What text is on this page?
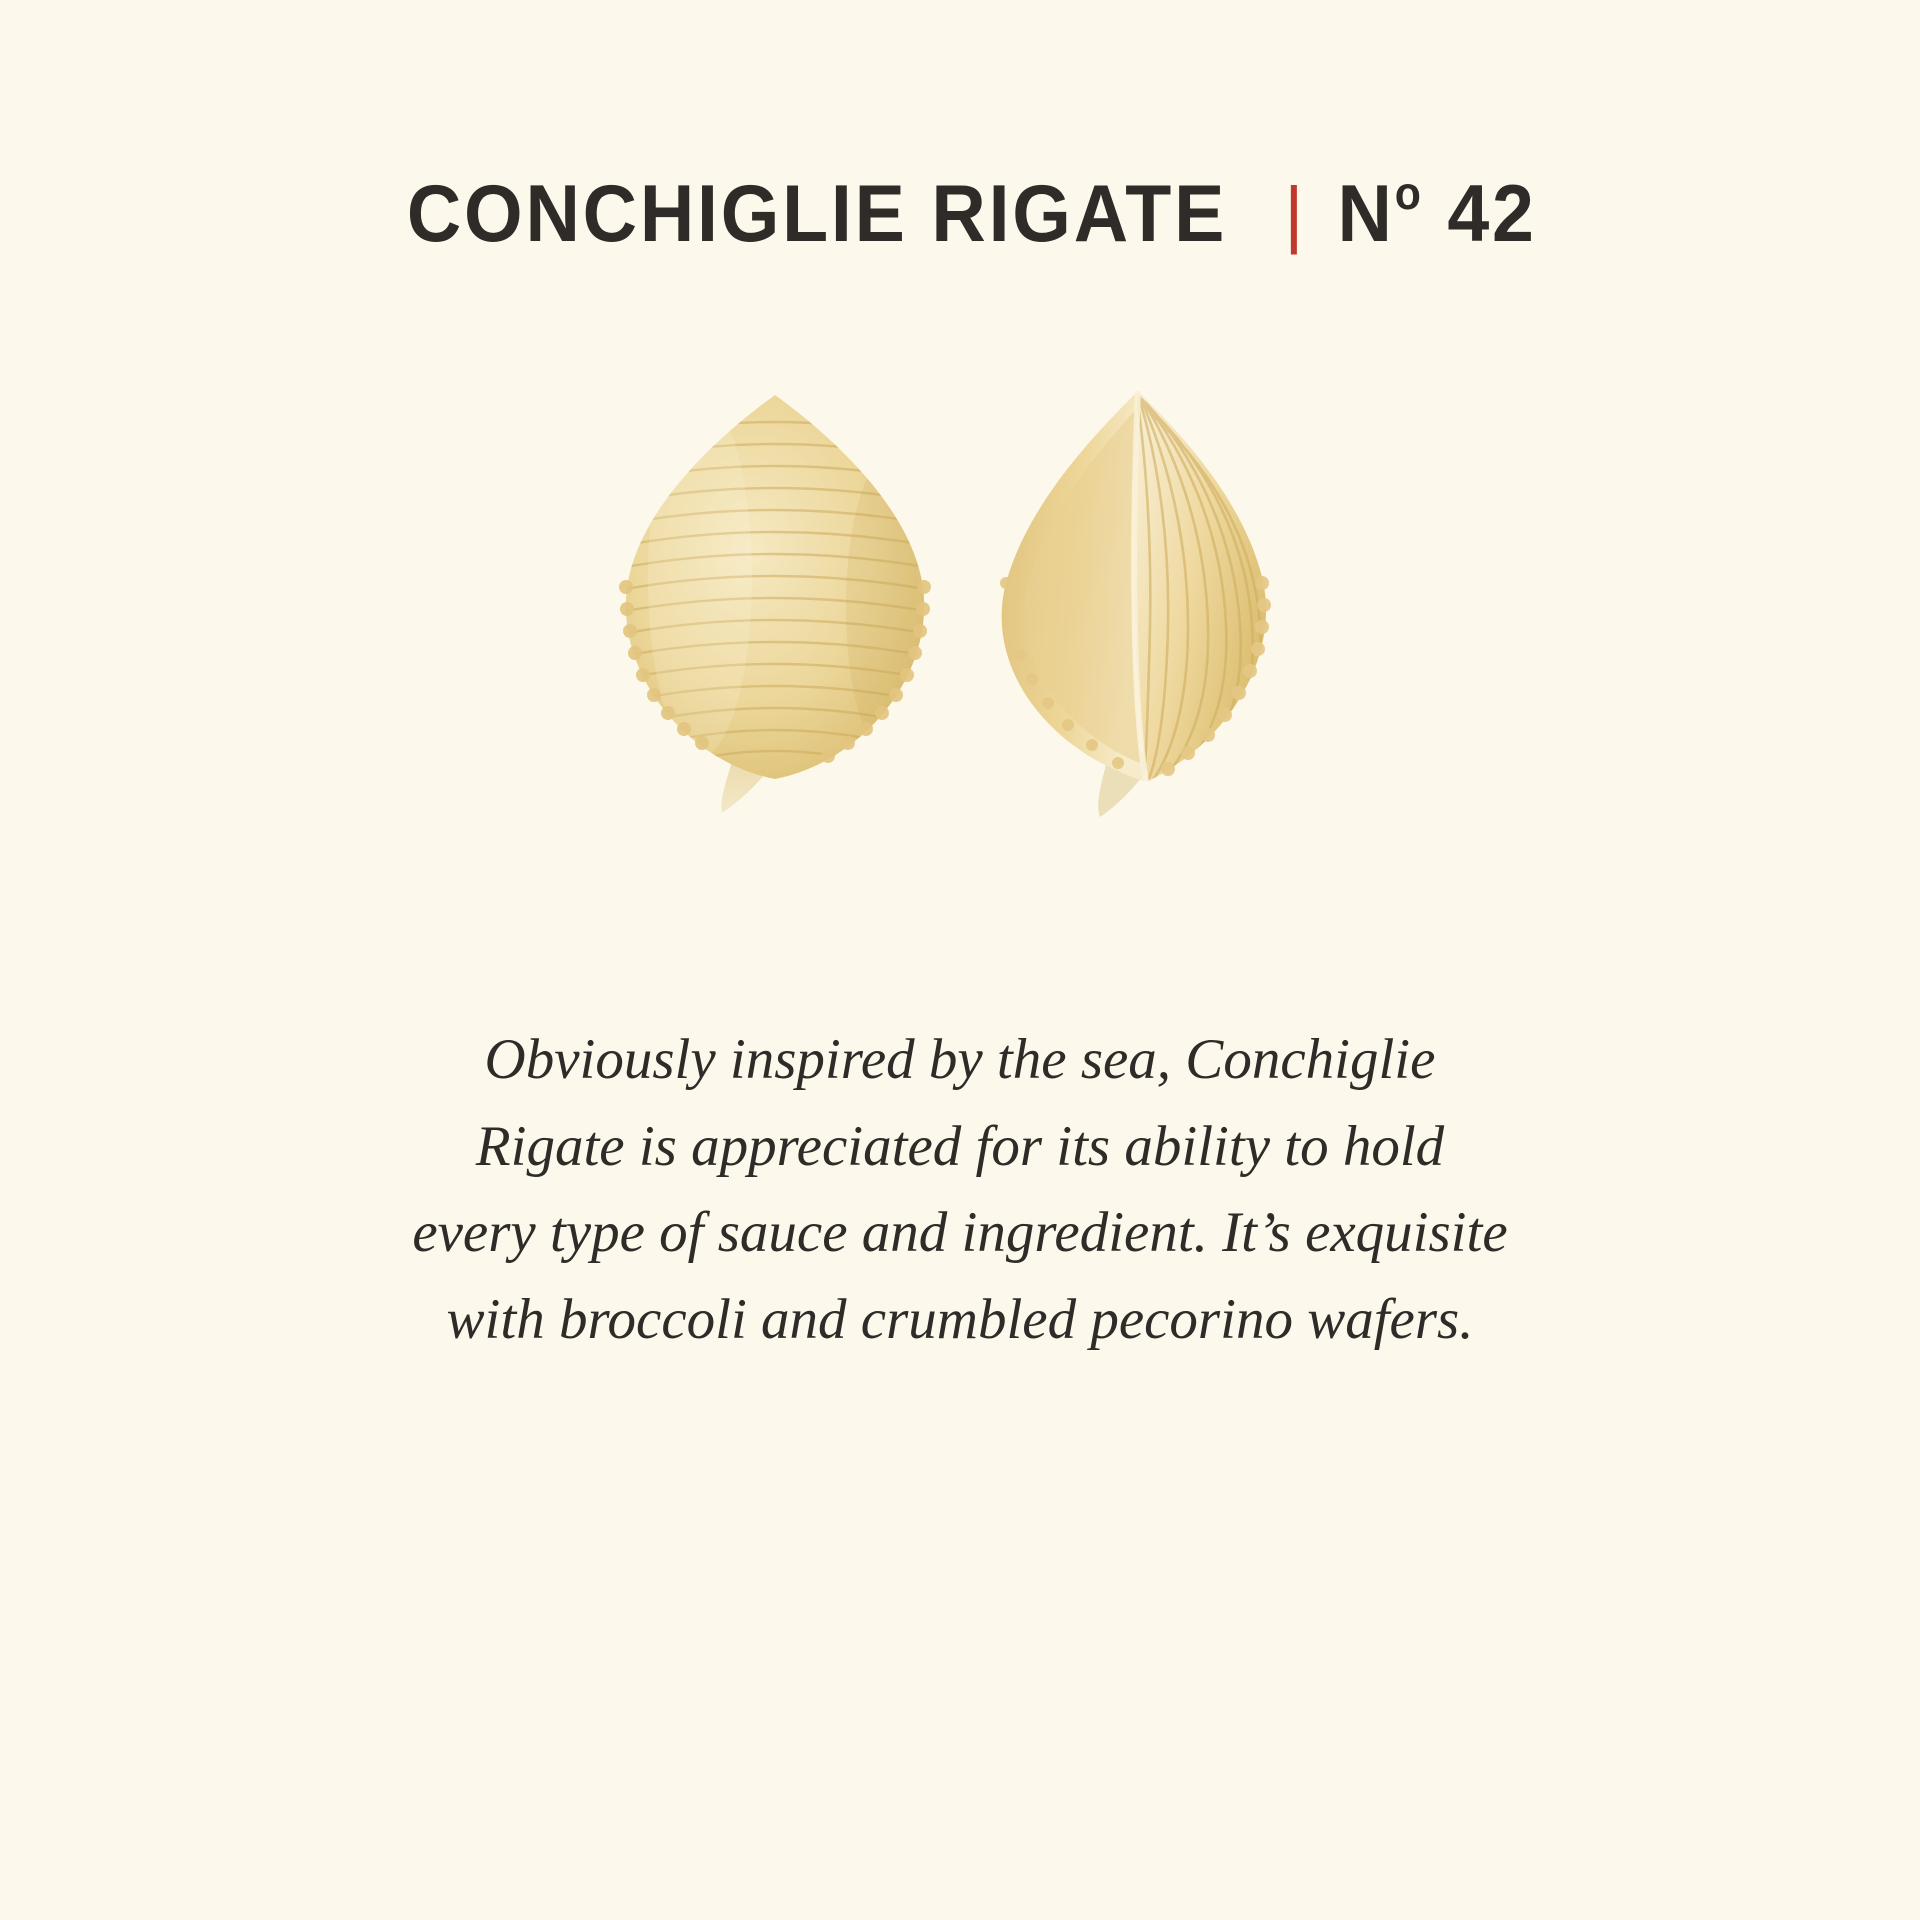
CONCHIGLIE RIGATE | $N^o$ 42

Obviously inspired by the sea, Conchiglie Rigate is appreciated for its ability to hold every type of sauce and ingredient. It’s exquisite with broccoli and crumbled pecorino wafers.
